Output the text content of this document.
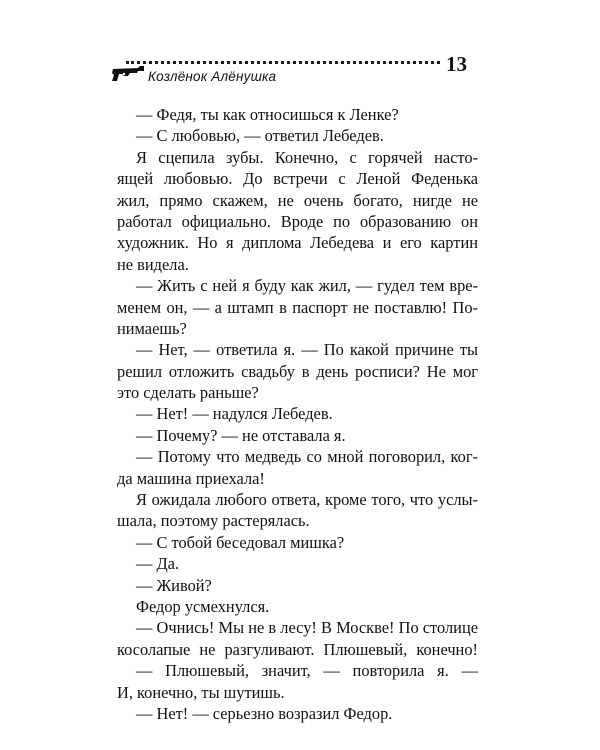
Козлёнок Алёнушка
13
— Федя, ты как относишься к Ленке?
— С любовью, — ответил Лебедев.
Я сцепила зубы. Конечно, с горячей насто-
ящей любовью. До встречи с Леной Феденька
жил, прямо скажем, не очень богато, нигде не
работал официально. Вроде по образованию он
художник. Но я диплома Лебедева и его картин
не видела.
— Жить с ней я буду как жил, — гудел тем вре-
менем он, — а штамп в паспорт не поставлю! По-
нимаешь?
— Нет, — ответила я. — По какой причине ты
решил отложить свадьбу в день росписи? Не мог
это сделать раньше?
— Нет! — надулся Лебедев.
— Почему? — не отставала я.
— Потому что медведь со мной поговорил, ког-
да машина приехала!
Я ожидала любого ответа, кроме того, что услы-
шала, поэтому растерялась.
— С тобой беседовал мишка?
— Да.
— Живой?
Федор усмехнулся.
— Очнись! Мы не в лесу! В Москве! По столице
косолапые не разгуливают. Плюшевый, конечно!
— Плюшевый, значит, — повторила я. —
И, конечно, ты шутишь.
— Нет! — серьезно возразил Федор.
